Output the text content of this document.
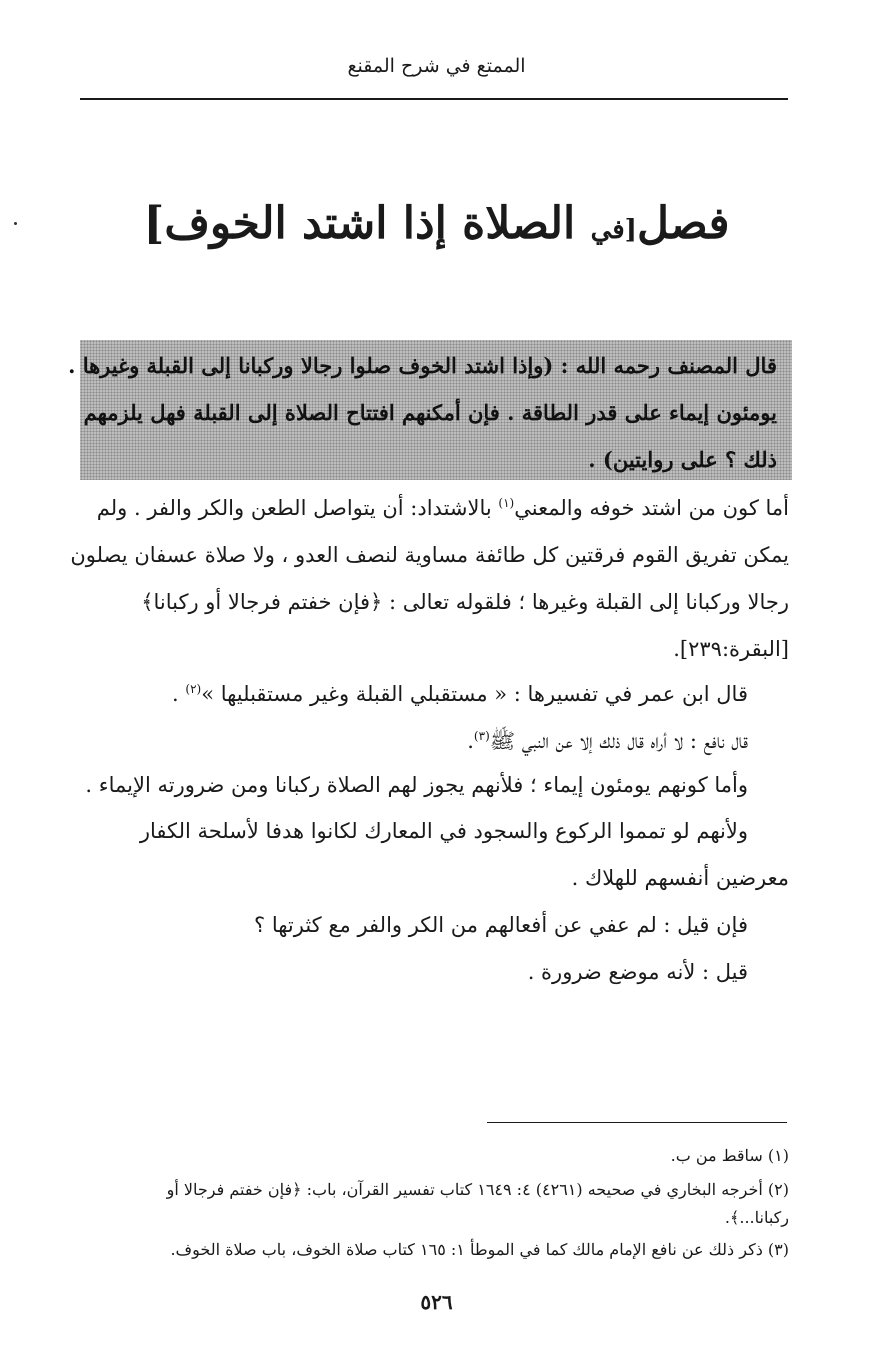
الممتع في شرح المقنع
فصل[في الصلاة إذا اشتد الخوف]
قال المصنف رحمه الله : (وإذا اشتد الخوف صلوا رجالا وركبانا إلى القبلة وغيرها .
يومئون إيماء على قدر الطاقة . فإن أمكنهم افتتاح الصلاة إلى القبلة فهل يلزمهم
ذلك ؟ على روايتين) .
أما كون من اشتد خوفه والمعني$^{(١)}$ بالاشتداد: أن يتواصل الطعن والكر والفر . ولم
يمكن تفريق القوم فرقتين كل طائفة مساوية لنصف العدو ، ولا صلاة عسفان يصلون
رجالا وركبانا إلى القبلة وغيرها ؛ فلقوله تعالى : ﴿فإن خفتم فرجالا أو ركبانا﴾
[البقرة:٢٣٩].
قال ابن عمر في تفسيرها : « مستقبلي القبلة وغير مستقبليها »$^{(٢)}$ .
قال نافع : لا أراه قال ذلك إلا عن النبي ﷺ$^{(٣)}$.
وأما كونهم يومئون إيماء ؛ فلأنهم يجوز لهم الصلاة ركبانا ومن ضرورته الإيماء .
ولأنهم لو تمموا الركوع والسجود في المعارك لكانوا هدفا لأسلحة الكفار
معرضين أنفسهم للهلاك .
فإن قيل : لم عفي عن أفعالهم من الكر والفر مع كثرتها ؟
قيل : لأنه موضع ضرورة .
(١) ساقط من ب.
(٢) أخرجه البخاري في صحيحه (٤٢٦١) ٤: ١٦٤٩ كتاب تفسير القرآن، باب: ﴿فإن خفتم فرجالا أو
ركبانا...﴾.
(٣) ذكر ذلك عن نافع الإمام مالك كما في الموطأ ١: ١٦٥ كتاب صلاة الخوف، باب صلاة الخوف.
٥٢٦
